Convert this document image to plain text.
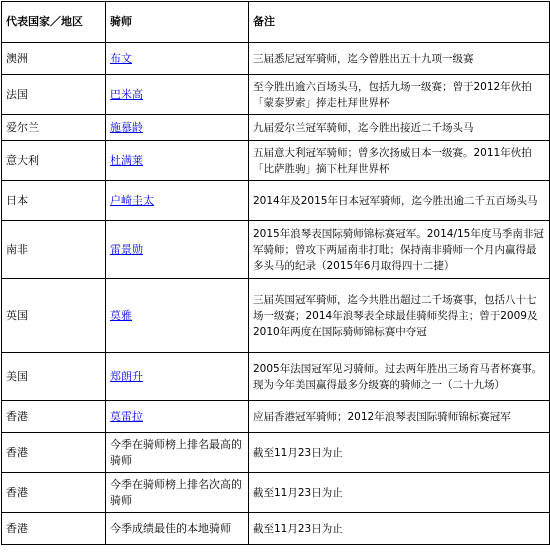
代表国家／地区	骑师	备注
澳洲	布文	三届悉尼冠军骑师，迄今曾胜出五十九项一级赛
法国	巴米高	至今胜出逾六百场头马，包括九场一级赛；曾于2012年伙拍「蒙泰罗索」捧走杜拜世界杯
爱尔兰	施慕龄	九届爱尔兰冠军骑师，迄今胜出接近二千场头马
意大利	杜满莱	五届意大利冠军骑师；曾多次扬威日本一级赛。2011年伙拍「比萨胜驹」摘下杜拜世界杯
日本	户崎圭太	2014年及2015年日本冠军骑师，迄今胜出逾二千五百场头马
南非	雷景勋	2015年浪琴表国际骑师锦标赛冠军。2014/15年度马季南非冠军骑师；曾攻下两届南非打吡；保持南非骑师一个月内赢得最多头马的纪录（2015年6月取得四十二捷）
英国	莫雅	三届英国冠军骑师，迄今共胜出超过二千场赛事，包括八十七场一级赛；2014年浪琴表全球最佳骑师奖得主；曾于2009及2010年两度在国际骑师锦标赛中夺冠
美国	郑朗升	2005年法国冠军见习骑师。过去两年胜出三场育马者杯赛事。现为今年美国赢得最多分级赛的骑师之一（二十九场）
香港	莫雷拉	应届香港冠军骑师；2012年浪琴表国际骑师锦标赛冠军
香港	今季在骑师榜上排名最高的骑师	截至11月23日为止
香港	今季在骑师榜上排名次高的骑师	截至11月23日为止
香港	今季成绩最佳的本地骑师	截至11月23日为止
